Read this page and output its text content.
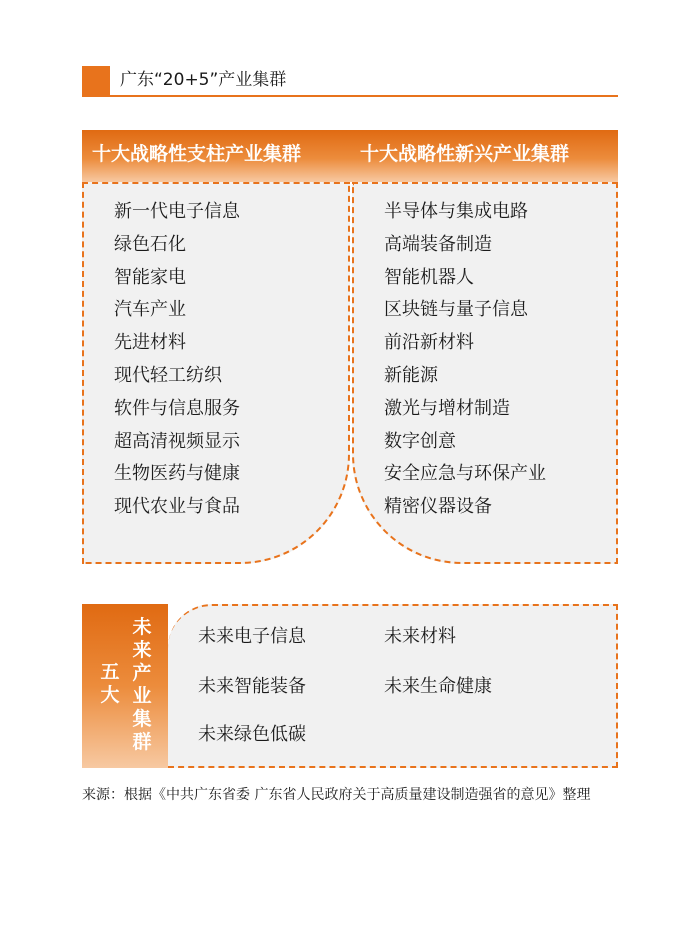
广东“20+5”产业集群
十大战略性支柱产业集群	十大战略性新兴产业集群
新一代电子信息
绿色石化
智能家电
汽车产业
先进材料
现代轻工纺织
软件与信息服务
超高清视频显示
生物医药与健康
现代农业与食品
半导体与集成电路
高端装备制造
智能机器人
区块链与量子信息
前沿新材料
新能源
激光与增材制造
数字创意
安全应急与环保产业
精密仪器设备
未来产业集群
五大
未来电子信息	未来材料
未来智能装备	未来生命健康
未来绿色低碳
来源：根据《中共广东省委 广东省人民政府关于高质量建设制造强省的意见》整理
